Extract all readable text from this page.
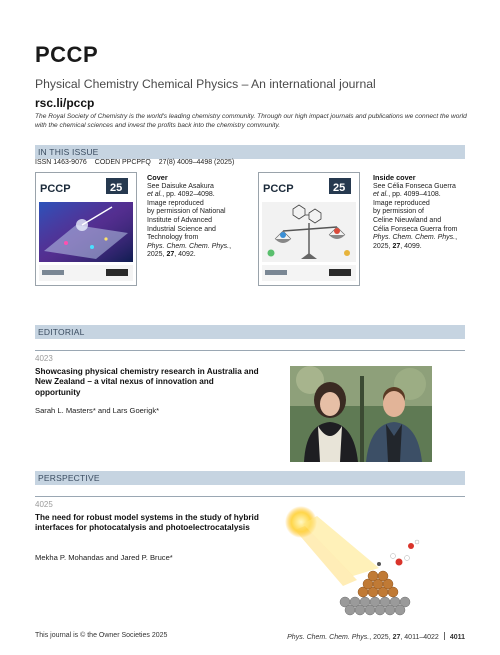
PCCP
Physical Chemistry Chemical Physics – An international journal
rsc.li/pccp
The Royal Society of Chemistry is the world's leading chemistry community. Through our high impact journals and publications we connect the world with the chemical sciences and invest the profits back into the chemistry community.
IN THIS ISSUE
ISSN 1463-9076 CODEN PPCPFQ 27(8) 4009–4498 (2025)
PCCP	25
Cover
See Daisuke Asakura
et al., pp. 4092–4098.
Image reproduced
by permission of National
Institute of Advanced
Industrial Science and
Technology from
Phys. Chem. Chem. Phys.,
2025, 27, 4092.
PCCP	25
Inside cover
See Célia Fonseca Guerra
et al., pp. 4099–4108.
Image reproduced
by permission of
Celine Nieuwland and
Célia Fonseca Guerra from
Phys. Chem. Chem. Phys.,
2025, 27, 4099.
EDITORIAL
4023
Showcasing physical chemistry research in Australia and New Zealand – a vital nexus of innovation and opportunity
Sarah L. Masters* and Lars Goerigk*
PERSPECTIVE
4025
The need for robust model systems in the study of hybrid interfaces for photocatalysis and photoelectrocatalysis
Mekha P. Mohandas and Jared P. Bruce*
This journal is © the Owner Societies 2025	Phys. Chem. Chem. Phys., 2025, 27, 4011–4022 4011
